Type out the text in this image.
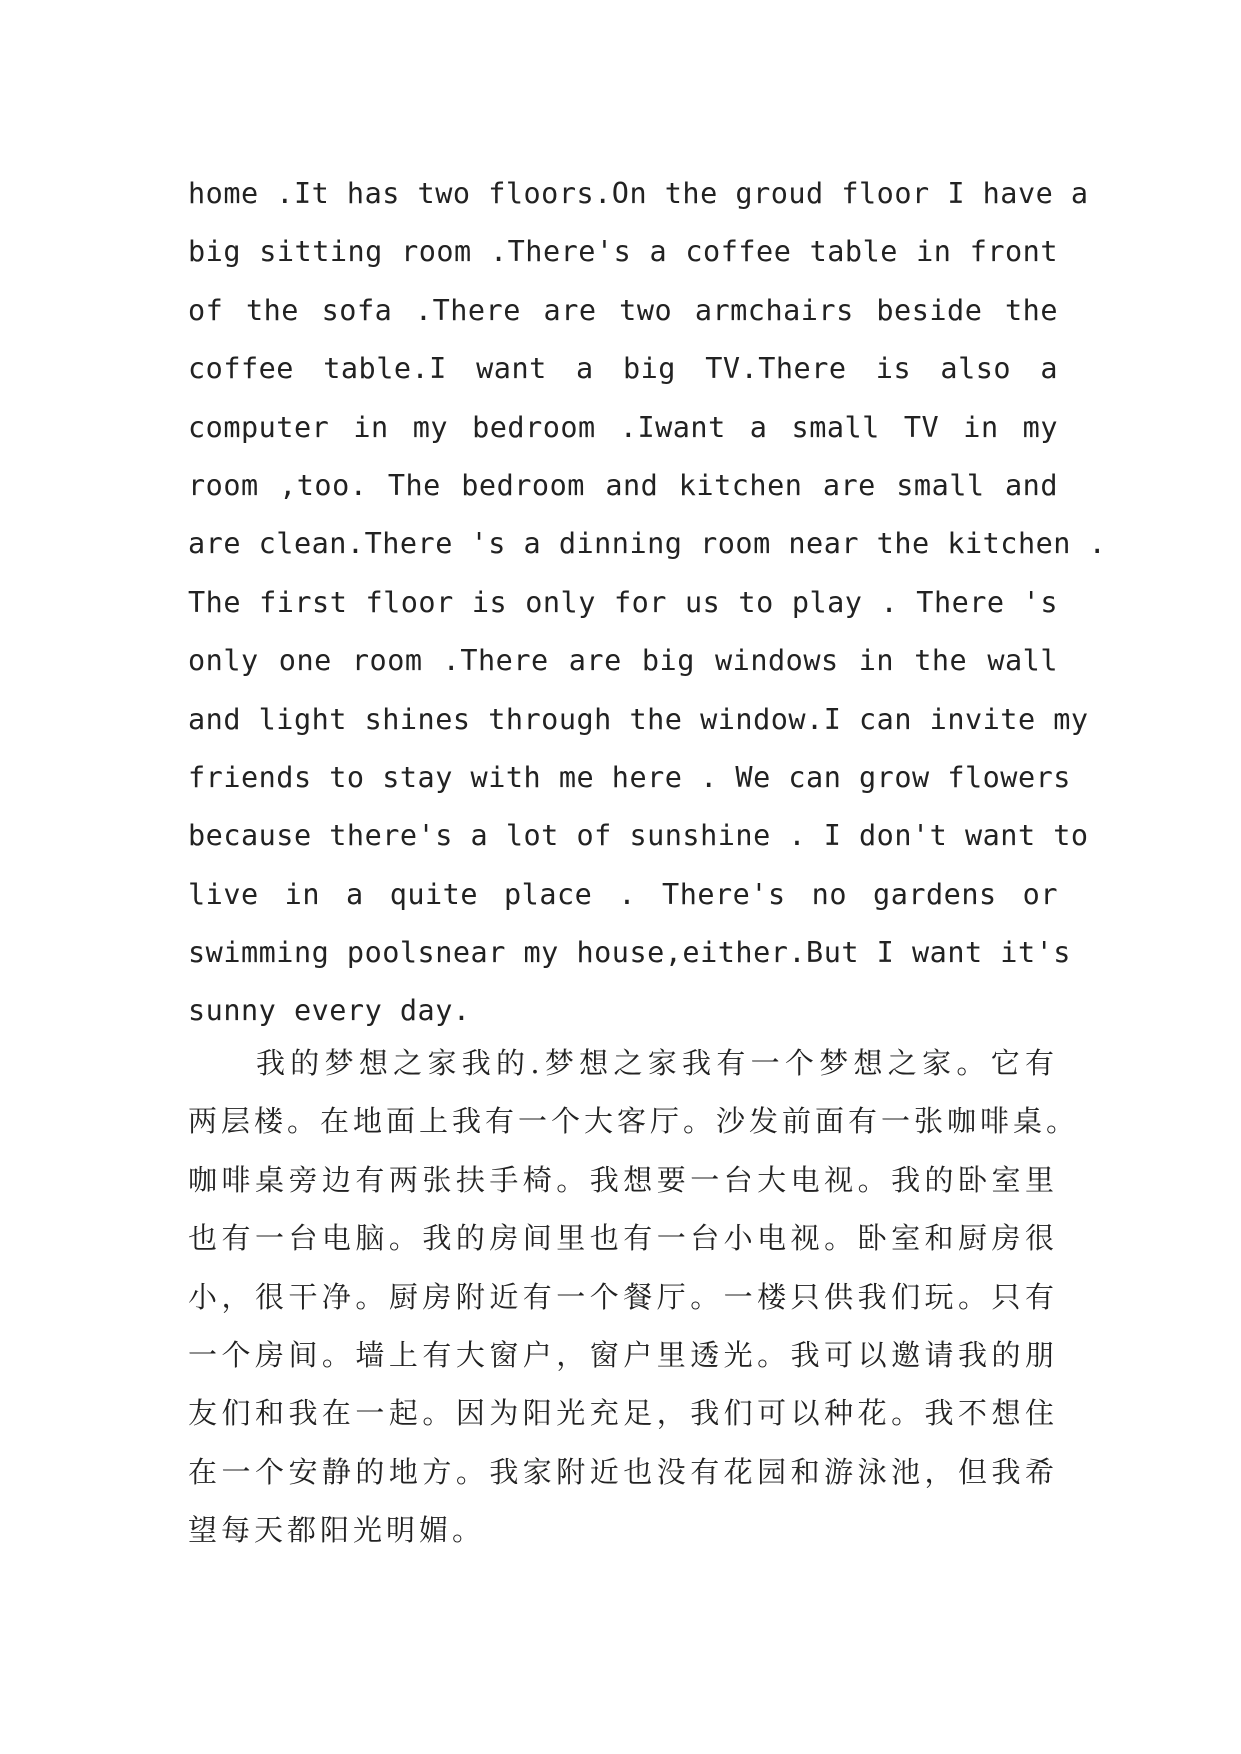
home .It has two floors.On the groud floor I have a
big sitting room .There's a coffee table in front
of the sofa .There are two armchairs beside the
coffee table.I want a big TV.There is also a
computer in my bedroom .Iwant a small TV in my
room ,too. The bedroom and kitchen are small and
are clean.There 's a dinning room near the kitchen .
The first floor is only for us to play . There 's
only one room .There are big windows in the wall
and light shines through the window.I can invite my
friends to stay with me here . We can grow flowers
because there's a lot of sunshine . I don't want to
live in a quite place . There's no gardens or
swimming poolsnear my house,either.But I want it's
sunny every day.
我的梦想之家我的.梦想之家我有一个梦想之家。它有
两层楼。在地面上我有一个大客厅。沙发前面有一张咖啡桌。
咖啡桌旁边有两张扶手椅。我想要一台大电视。我的卧室里
也有一台电脑。我的房间里也有一台小电视。卧室和厨房很
小，很干净。厨房附近有一个餐厅。一楼只供我们玩。只有
一个房间。墙上有大窗户，窗户里透光。我可以邀请我的朋
友们和我在一起。因为阳光充足，我们可以种花。我不想住
在一个安静的地方。我家附近也没有花园和游泳池，但我希
望每天都阳光明媚。
